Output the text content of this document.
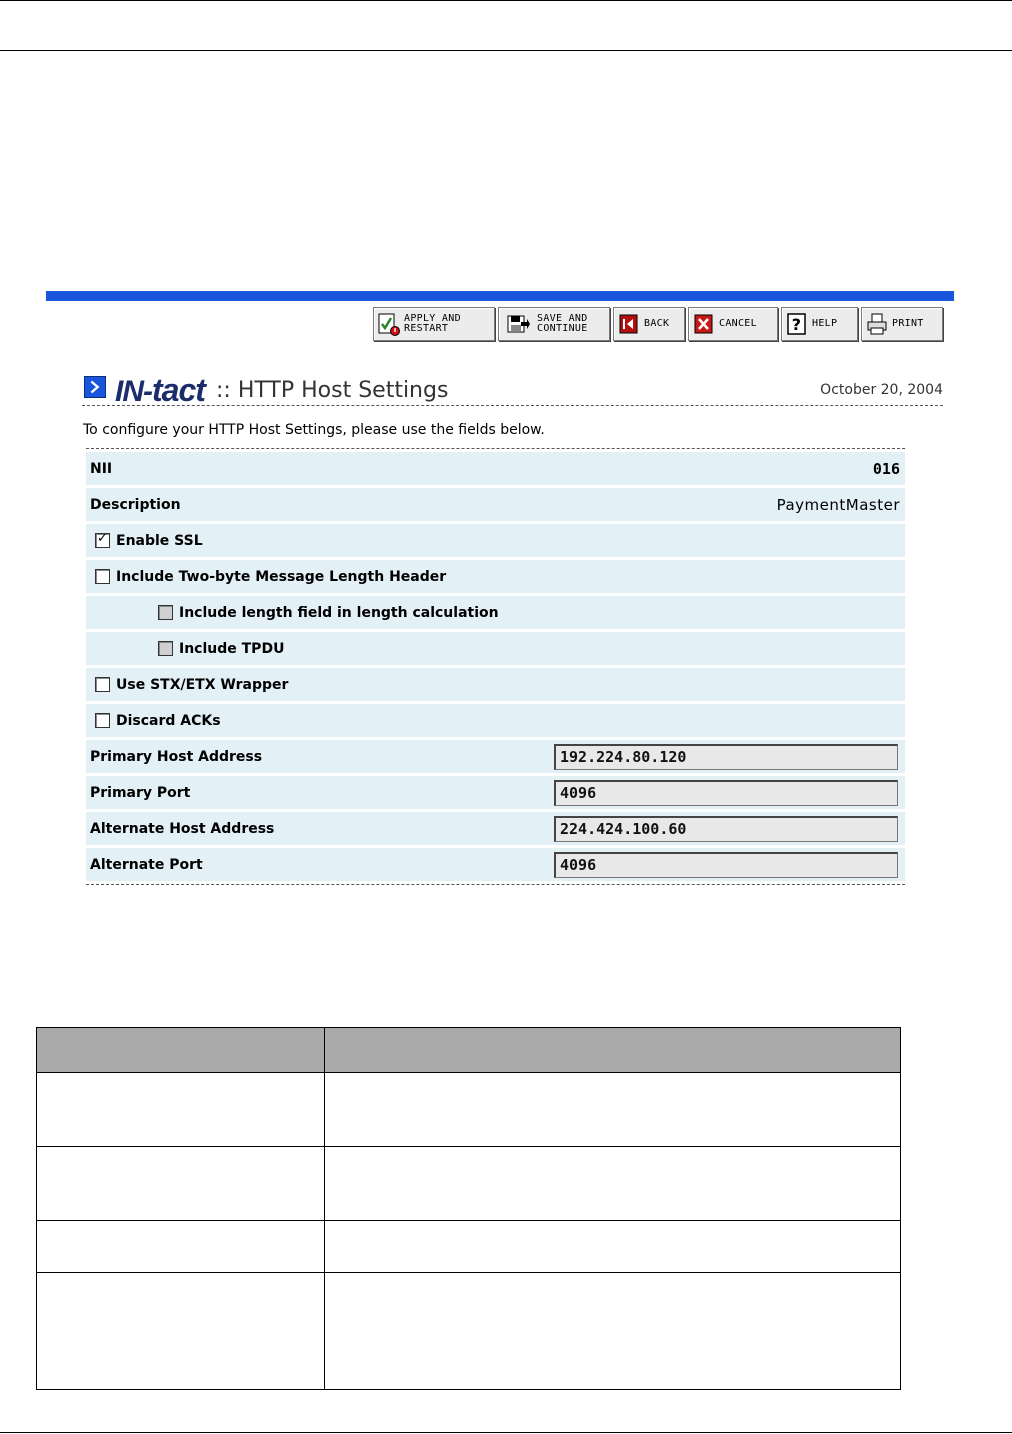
APPLY AND
RESTART
SAVE AND
CONTINUE	BACK	CANCEL ? HELP	PRINT
IN-tact :: HTTP Host Settings	October 20, 2004
To configure your HTTP Host Settings, please use the fields below.
NII	016
Description	PaymentMaster
✓
Enable SSL
Include Two-byte Message Length Header
Include length field in length calculation
Include TPDU
Use STX/ETX Wrapper
Discard ACKs
Primary Host Address	192.224.80.120
Primary Port	4096
Alternate Host Address	224.424.100.60
Alternate Port	4096
